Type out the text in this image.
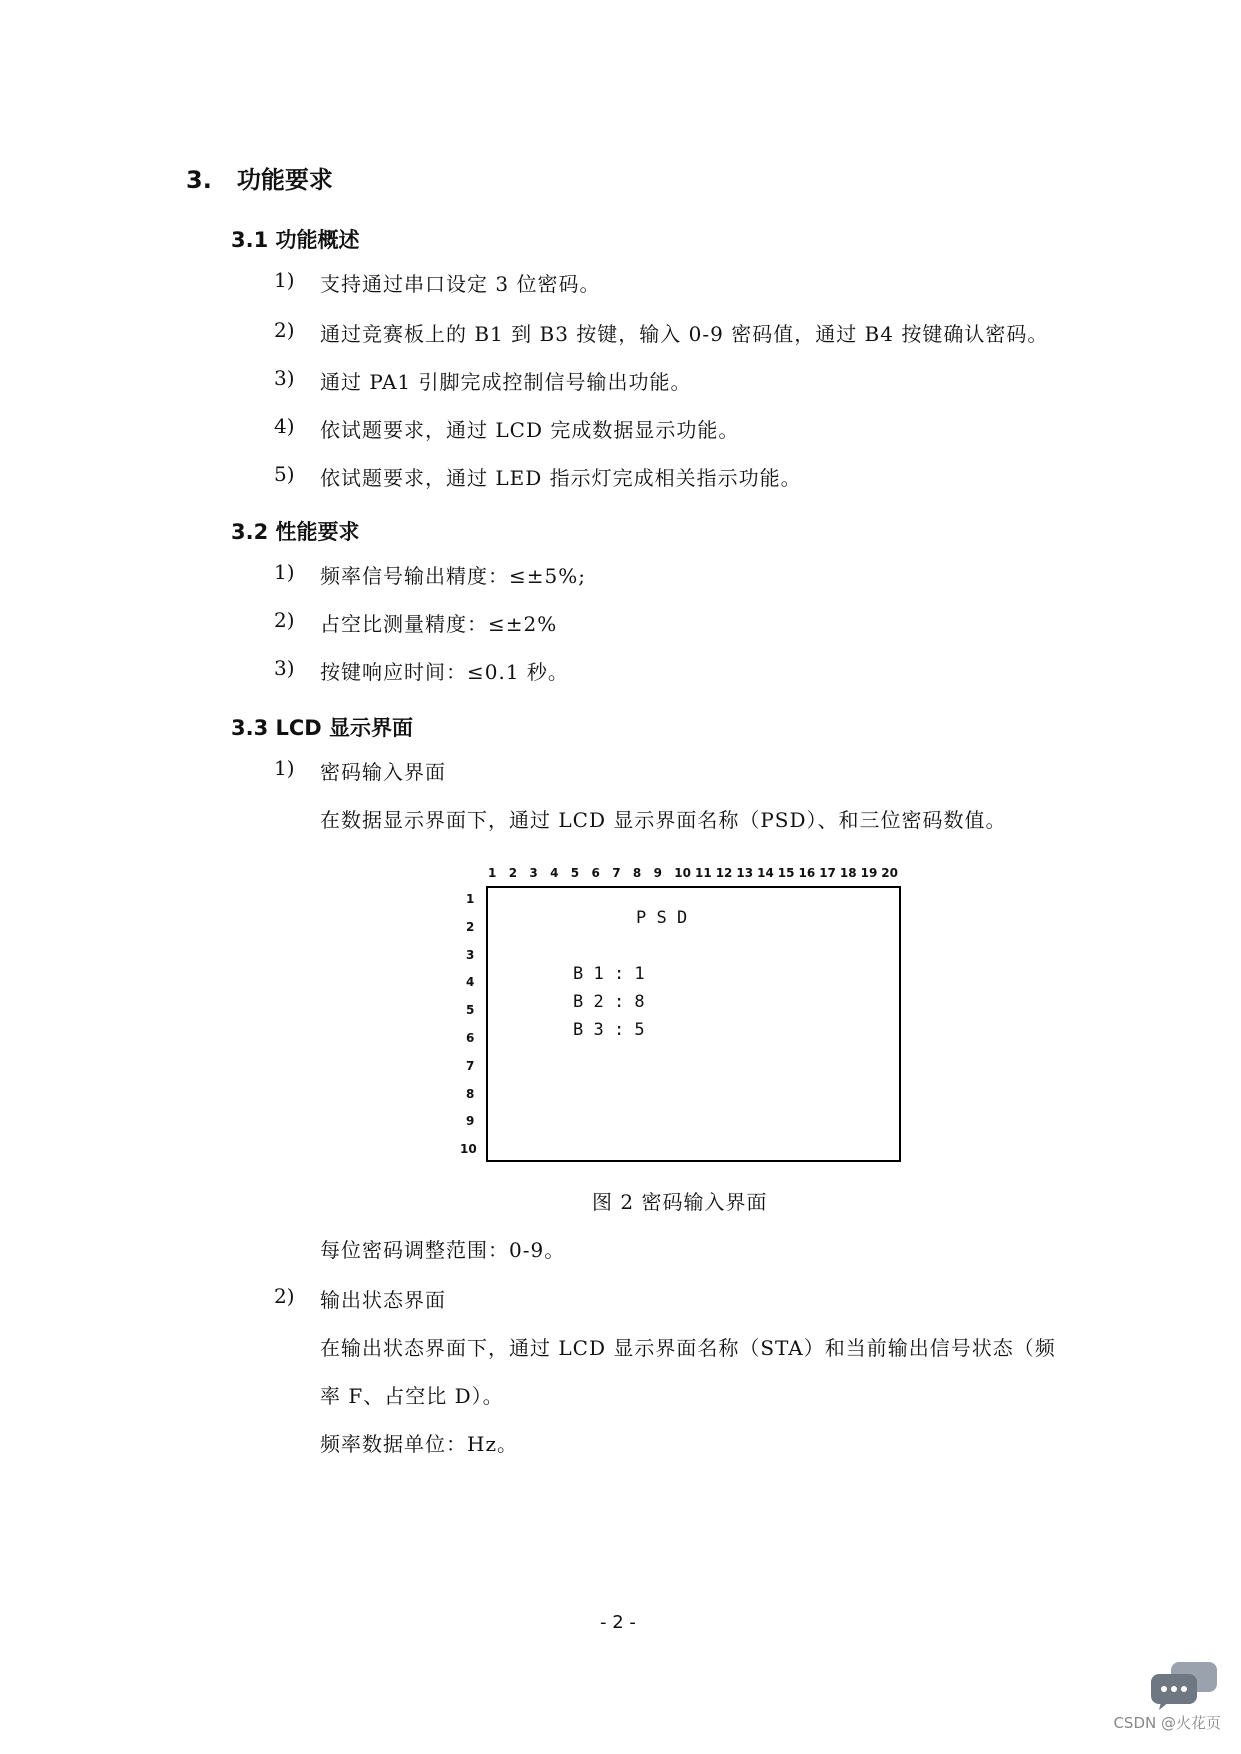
3. 功能要求
3.1 功能概述
1) 支持通过串口设定 3 位密码。
2) 通过竞赛板上的 B1 到 B3 按键，输入 0-9 密码值，通过 B4 按键确认密码。
3) 通过 PA1 引脚完成控制信号输出功能。
4) 依试题要求，通过 LCD 完成数据显示功能。
5) 依试题要求，通过 LED 指示灯完成相关指示功能。
3.2 性能要求
1) 频率信号输出精度：≤±5%;
2) 占空比测量精度：≤±2%
3) 按键响应时间：≤0.1 秒。
3.3 LCD 显示界面
1) 密码输入界面
在数据显示界面下，通过 LCD 显示界面名称（PSD）、和三位密码数值。
1 2 3 4 5 6 7 8 9 10 11 12 13 14 15 16 17 18 19 20
1
2
3
4
5
6
7
8
9
10
P S D
B 1 : 1
B 2 : 8
B 3 : 5
图 2 密码输入界面
每位密码调整范围：0-9。
2) 输出状态界面
在输出状态界面下，通过 LCD 显示界面名称（STA）和当前输出信号状态（频
率 F、占空比 D）。
频率数据单位：Hz。
- 2 -
CSDN @火花页
